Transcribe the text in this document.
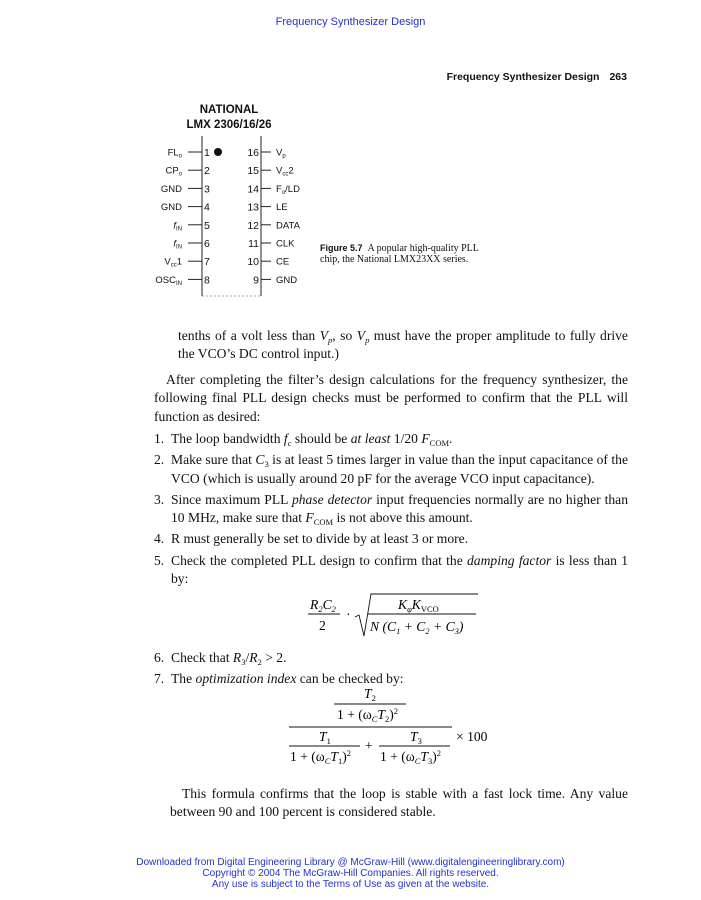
Frequency Synthesizer Design
Frequency Synthesizer Design 263
NATIONAL
LMX 2306/16/26
$FL_o$ 1
$CP_o$ 2
GND 3
GND 4
$f_{IN}$ 5
$f_{IN}$ 6
$V_{cc}1$ 7
$OSC_{IN}$ 8
$V_p$
16
$V_{cc}2$
15
$F_o/LD$
14
LE
13
DATA
12
CLK
11
CE
10
GND
9
Figure 5.7 A popular high-quality PLL chip, the National LMX23XX series.
tenths of a volt less than $V_p$, so $V_p$ must have the proper amplitude to fully drive the VCO’s DC control input.)
After completing the filter’s design calculations for the frequency synthesizer, the following final PLL design checks must be performed to confirm that the PLL will function as desired:
1. The loop bandwidth $f_c$ should be at least 1/20 $F_{COM}$.
2. Make sure that $C_3$ is at least 5 times larger in value than the input capacitance of the VCO (which is usually around 20 pF for the average VCO input capacitance).
3. Since maximum PLL phase detector input frequencies normally are no higher than 10 MHz, make sure that $F_{COM}$ is not above this amount.
4. R must generally be set to divide by at least 3 or more.
5. Check the completed PLL design to confirm that the damping factor is less than 1 by:
$R_2C_2$
2
·
$K_\varphi K_{VCO}$
N $(C_1 + C_2 + C_3)$
6. Check that $R_3/R_2 > 2$.
7. The optimization index can be checked by:
$T_2$
$1 + (\omega_CT_2)^2$
$T_1$
$1 + (\omega_CT_1)^2$ +
$T_3$
$1 + (\omega_CT_3)^2$
× 100
This formula confirms that the loop is stable with a fast lock time. Any value between 90 and 100 percent is considered stable.
Downloaded from Digital Engineering Library @ McGraw-Hill (www.digitalengineeringlibrary.com)
Copyright © 2004 The McGraw-Hill Companies. All rights reserved.
Any use is subject to the Terms of Use as given at the website.
